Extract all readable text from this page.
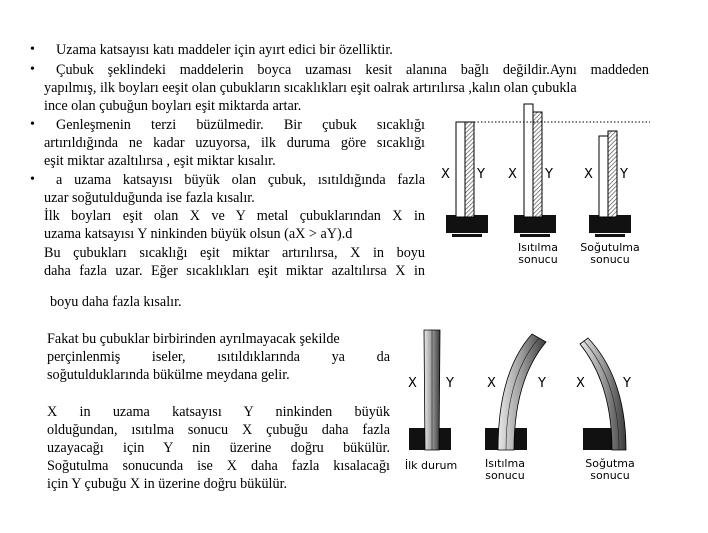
• Uzama katsayısı katı maddeler için ayırt edici bir özelliktir.
• Çubuk şeklindeki maddelerin boyca uzaması kesit alanına bağlı değildir.Aynı maddeden
yapılmış, ilk boyları eeşit olan çubukların sıcaklıkları eşit oalrak artırılırsa ,kalın olan çubukla
ince olan çubuğun boyları eşit miktarda artar.
• Genleşmenin terzi büzülmedir. Bir çubuk sıcaklığı
artırıldığında ne kadar uzuyorsa, ilk duruma göre sıcaklığı
eşit miktar azaltılırsa , eşit miktar kısalır.
• a uzama katsayısı büyük olan çubuk, ısıtıldığında fazla
uzar soğutulduğunda ise fazla kısalır.
İlk boyları eşit olan X ve Y metal çubuklarından X in
uzama katsayısı Y ninkinden büyük olsun (aX > aY).d
Bu çubukları sıcaklığı eşit miktar artırılırsa, X in boyu
daha fazla uzar. Eğer sıcaklıkları eşit miktar azaltılırsa X in
boyu daha fazla kısalır.
Fakat bu çubuklar birbirinden ayrılmayacak şekilde
perçinlenmiş iseler, ısıtıldıklarında ya da
soğutulduklarında bükülme meydana gelir.
X in uzama katsayısı Y ninkinden büyük
olduğundan, ısıtılma sonucu X çubuğu daha fazla
uzayacağı için Y nin üzerine doğru bükülür.
Soğutulma sonucunda ise X daha fazla kısalacağı
için Y çubuğu X in üzerine doğru bükülür.
X Y X Y X Y
Isıtılma
sonucu
Soğutulma
sonucu
X Y	X	Y X	Y
İlk durum	Isıtılma
sonucu
Soğutma
sonucu
